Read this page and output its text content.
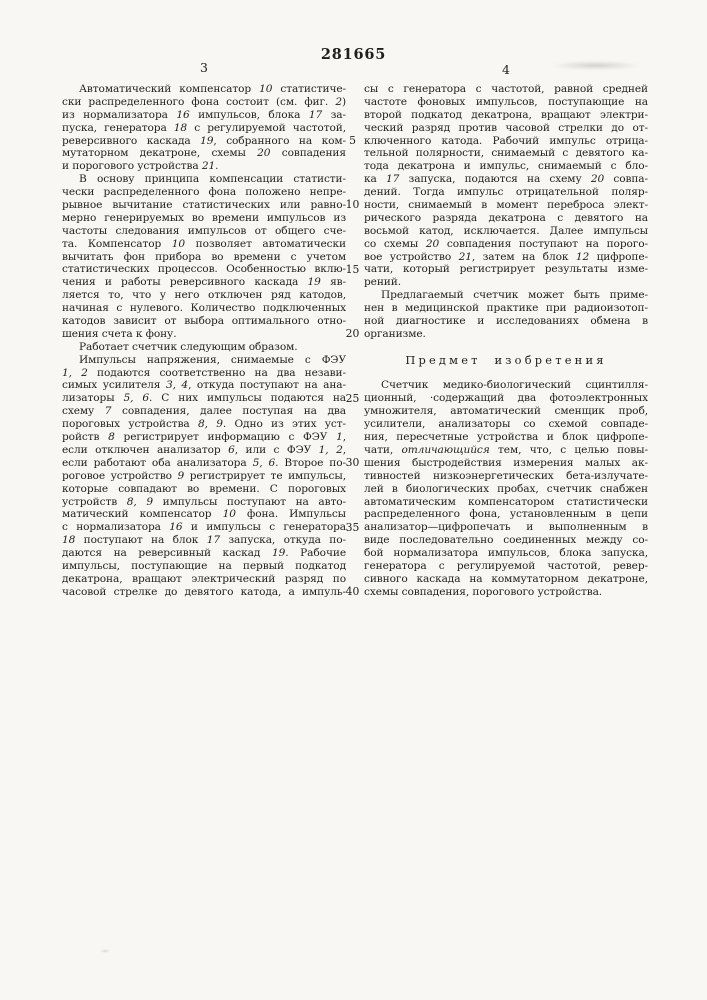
281665
3	4
Автоматический компенсатор 10 статистиче-
ски распределенного фона состоит (см. фиг. 2)
из нормализатора 16 импульсов, блока 17 за-
пуска, генератора 18 с регулируемой частотой,
реверсивного каскада 19, собранного на ком-
мутаторном декатроне, схемы 20 совпадения
и порогового устройства 21.
В основу принципа компенсации статисти-
чески распределенного фона положено непре-
рывное вычитание статистических или равно-
мерно генерируемых во времени импульсов из
частоты следования импульсов от общего сче-
та. Компенсатор 10 позволяет автоматически
вычитать фон прибора во времени с учетом
статистических процессов. Особенностью вклю-
чения и работы реверсивного каскада 19 яв-
ляется то, что у него отключен ряд катодов,
начиная с нулевого. Количество подключенных
катодов зависит от выбора оптимального отно-
шения счета к фону.
Работает счетчик следующим образом.
Импульсы напряжения, снимаемые с ФЭУ
1, 2 подаются соответственно на два незави-
симых усилителя 3, 4, откуда поступают на ана-
лизаторы 5, 6. С них импульсы подаются на
схему 7 совпадения, далее поступая на два
пороговых устройства 8, 9. Одно из этих уст-
ройств 8 регистрирует информацию с ФЭУ 1,
если отключен анализатор 6, или с ФЭУ 1, 2,
если работают оба анализатора 5, 6. Второе по-
роговое устройство 9 регистрирует те импульсы,
которые совпадают во времени. С пороговых
устройств 8, 9 импульсы поступают на авто-
матический компенсатор 10 фона. Импульсы
с нормализатора 16 и импульсы с генератора
18 поступают на блок 17 запуска, откуда по-
даются на реверсивный каскад 19. Рабочие
импульсы, поступающие на первый подкатод
декатрона, вращают электрический разряд по
часовой стрелке до девятого катода, а импуль-
5
10
15
20
25
30
35
40
сы с генератора с частотой, равной средней
частоте фоновых импульсов, поступающие на
второй подкатод декатрона, вращают электри-
ческий разряд против часовой стрелки до от-
ключенного катода. Рабочий импульс отрица-
тельной полярности, снимаемый с девятого ка-
тода декатрона и импульс, снимаемый с бло-
ка 17 запуска, подаются на схему 20 совпа-
дений. Тогда импульс отрицательной поляр-
ности, снимаемый в момент переброса элект-
рического разряда декатрона с девятого на
восьмой катод, исключается. Далее импульсы
со схемы 20 совпадения поступают на порого-
вое устройство 21, затем на блок 12 цифропе-
чати, который регистрирует результаты изме-
рений.
Предлагаемый счетчик может быть приме-
нен в медицинской практике при радиоизотоп-
ной диагностике и исследованиях обмена в
организме.
Предмет изобретения
Счетчик медико-биологический сцинтилля-
ционный, ·содержащий два фотоэлектронных
умножителя, автоматический сменщик проб,
усилители, анализаторы со схемой совпаде-
ния, пересчетные устройства и блок цифропе-
чати, отличающийся тем, что, с целью повы-
шения быстродействия измерения малых ак-
тивностей низкоэнергетических бета-излучате-
лей в биологических пробах, счетчик снабжен
автоматическим компенсатором статистически
распределенного фона, установленным в цепи
анализатор—цифропечать и выполненным в
виде последовательно соединенных между со-
бой нормализатора импульсов, блока запуска,
генератора с регулируемой частотой, ревер-
сивного каскада на коммутаторном декатроне,
схемы совпадения, порогового устройства.
